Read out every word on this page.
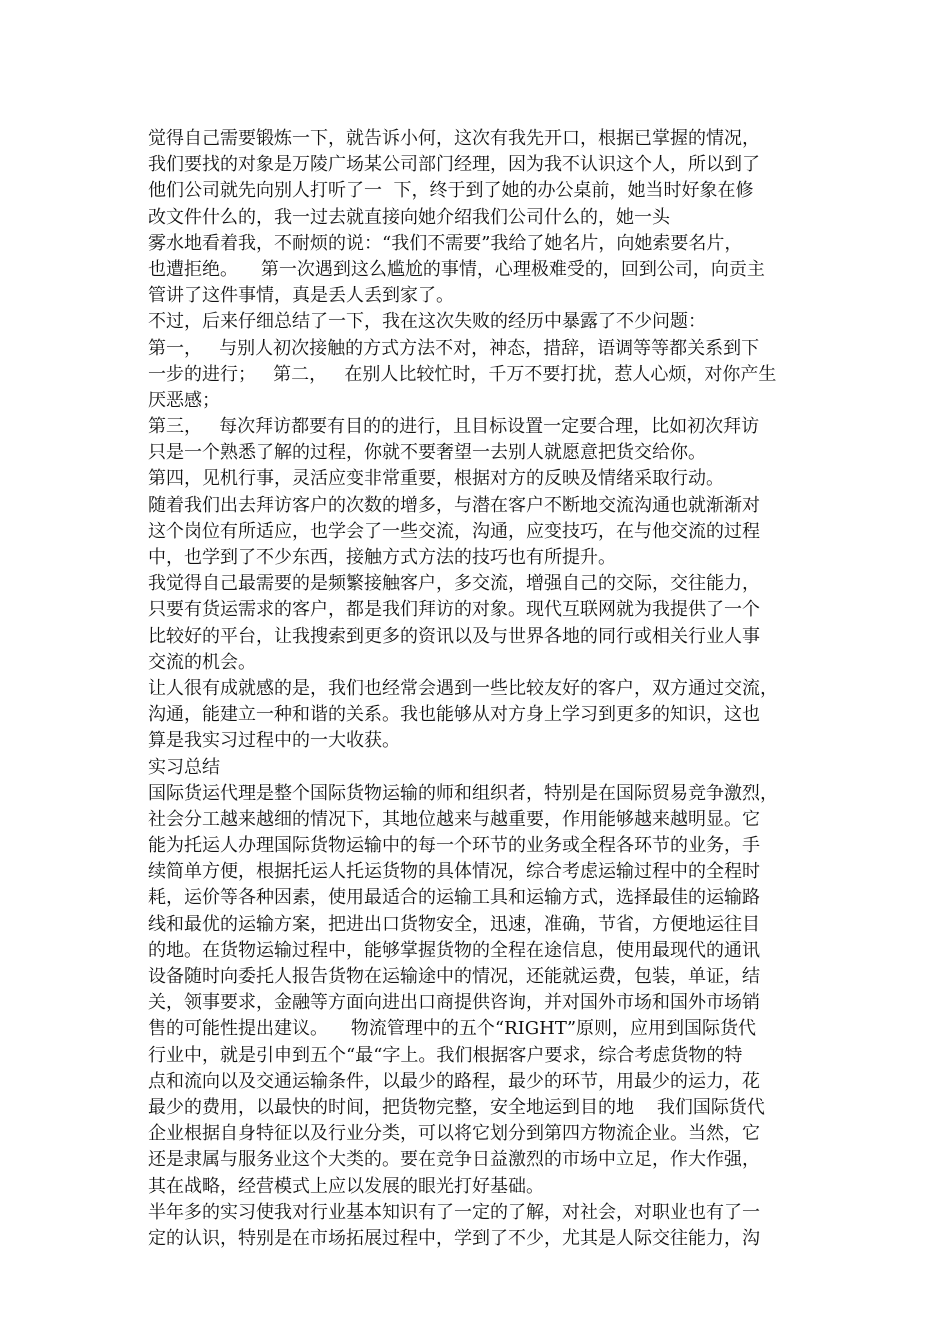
觉得自己需要锻炼一下，就告诉小何，这次有我先开口，根据已掌握的情况，
我们要找的对象是万陵广场某公司部门经理，因为我不认识这个人，所以到了
他们公司就先向别人打听了一  下，终于到了她的办公桌前，她当时好象在修
改文件什么的，我一过去就直接向她介绍我们公司什么的，她一头
雾水地看着我，不耐烦的说：“我们不需要”我给了她名片，向她索要名片，
也遭拒绝。    第一次遇到这么尴尬的事情，心理极难受的，回到公司，向贡主
管讲了这件事情，真是丢人丢到家了。
不过，后来仔细总结了一下，我在这次失败的经历中暴露了不少问题：
第一，   与别人初次接触的方式方法不对，神态，措辞，语调等等都关系到下
一步的进行；   第二，   在别人比较忙时，千万不要打扰，惹人心烦，对你产生
厌恶感；
第三，   每次拜访都要有目的的进行，且目标设置一定要合理，比如初次拜访
只是一个熟悉了解的过程，你就不要奢望一去别人就愿意把货交给你。
第四，见机行事，灵活应变非常重要，根据对方的反映及情绪采取行动。
随着我们出去拜访客户的次数的增多，与潜在客户不断地交流沟通也就渐渐对
这个岗位有所适应，也学会了一些交流，沟通，应变技巧，在与他交流的过程
中，也学到了不少东西，接触方式方法的技巧也有所提升。
我觉得自己最需要的是频繁接触客户，多交流，增强自己的交际，交往能力，
只要有货运需求的客户，都是我们拜访的对象。现代互联网就为我提供了一个
比较好的平台，让我搜索到更多的资讯以及与世界各地的同行或相关行业人事
交流的机会。
让人很有成就感的是，我们也经常会遇到一些比较友好的客户，双方通过交流，
沟通，能建立一种和谐的关系。我也能够从对方身上学习到更多的知识，这也
算是我实习过程中的一大收获。
实习总结
国际货运代理是整个国际货物运输的师和组织者，特别是在国际贸易竞争激烈，
社会分工越来越细的情况下，其地位越来与越重要，作用能够越来越明显。它
能为托运人办理国际货物运输中的每一个环节的业务或全程各环节的业务，手
续简单方便，根据托运人托运货物的具体情况，综合考虑运输过程中的全程时
耗，运价等各种因素，使用最适合的运输工具和运输方式，选择最佳的运输路
线和最优的运输方案，把进出口货物安全，迅速，准确，节省，方便地运往目
的地。在货物运输过程中，能够掌握货物的全程在途信息，使用最现代的通讯
设备随时向委托人报告货物在运输途中的情况，还能就运费，包装，单证，结
关，领事要求，金融等方面向进出口商提供咨询，并对国外市场和国外市场销
售的可能性提出建议。    物流管理中的五个“RIGHT”原则，应用到国际货代
行业中，就是引申到五个“最“字上。我们根据客户要求，综合考虑货物的特
点和流向以及交通运输条件，以最少的路程，最少的环节，用最少的运力，花
最少的费用，以最快的时间，把货物完整，安全地运到目的地    我们国际货代
企业根据自身特征以及行业分类，可以将它划分到第四方物流企业。当然，它
还是隶属与服务业这个大类的。要在竞争日益激烈的市场中立足，作大作强，
其在战略，经营模式上应以发展的眼光打好基础。
半年多的实习使我对行业基本知识有了一定的了解，对社会，对职业也有了一
定的认识，特别是在市场拓展过程中，学到了不少，尤其是人际交往能力，沟
